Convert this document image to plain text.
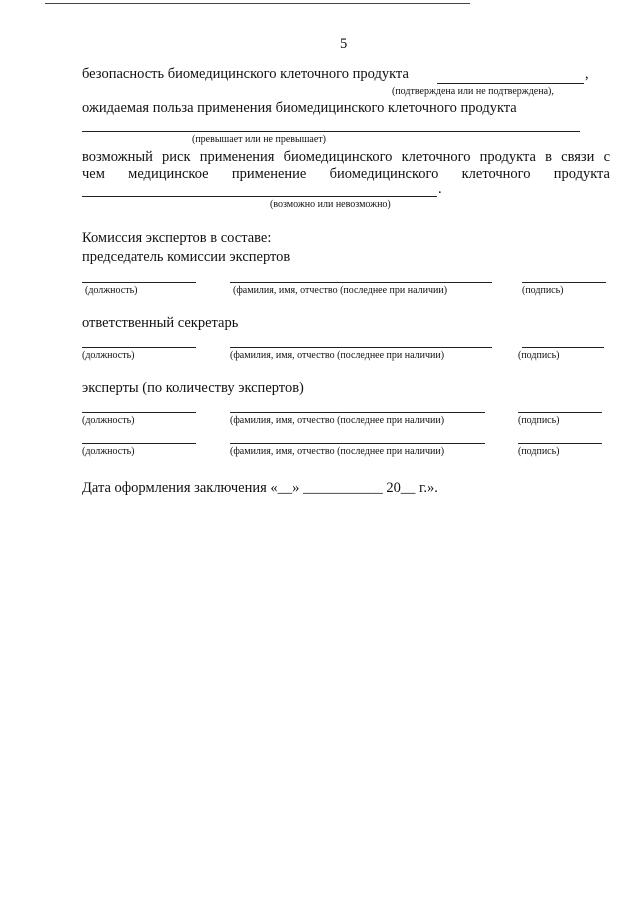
5
безопасность биомедицинского клеточного продукта	,
(подтверждена или не подтверждена),
ожидаемая польза применения биомедицинского клеточного продукта
(превышает или не превышает)
возможный риск применения биомедицинского клеточного продукта в связи с
чем медицинское применение биомедицинского клеточного продукта
.
(возможно или невозможно)
Комиссия экспертов в составе:
председатель комиссии экспертов
(должность)	(фамилия, имя, отчество (последнее при наличии)	(подпись)
ответственный секретарь
(должность)	(фамилия, имя, отчество (последнее при наличии)	(подпись)
эксперты (по количеству экспертов)
(должность)	(фамилия, имя, отчество (последнее при наличии)	(подпись)
(должность)	(фамилия, имя, отчество (последнее при наличии)	(подпись)
Дата оформления заключения «__» ___________ 20__ г.».
